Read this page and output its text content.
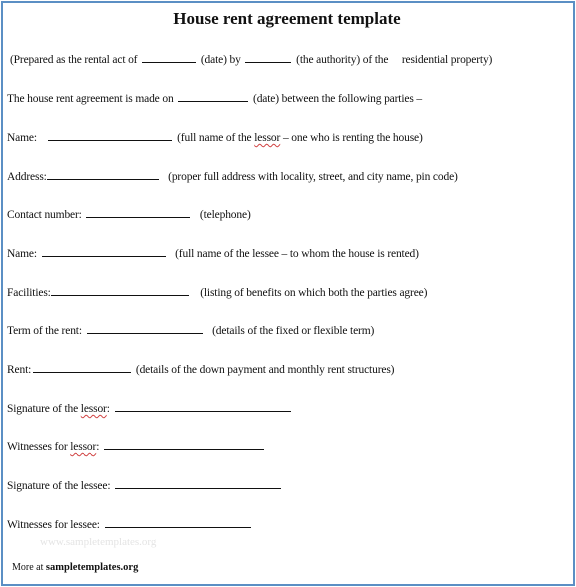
House rent agreement template
(Prepared as the rental act of	(date) by	(the authority) of the residential property)
The house rent agreement is made on	(date) between the following parties –
Name:	(full name of the lessor – one who is renting the house)
Address:	(proper full address with locality, street, and city name, pin code)
Contact number:	(telephone)
Name:	(full name of the lessee – to whom the house is rented)
Facilities:	(listing of benefits on which both the parties agree)
Term of the rent:	(details of the fixed or flexible term)
Rent:	(details of the down payment and monthly rent structures)
Signature of the lessor:
Witnesses for lessor:
Signature of the lessee:
Witnesses for lessee:
www.sampletemplates.org
More at sampletemplates.org
